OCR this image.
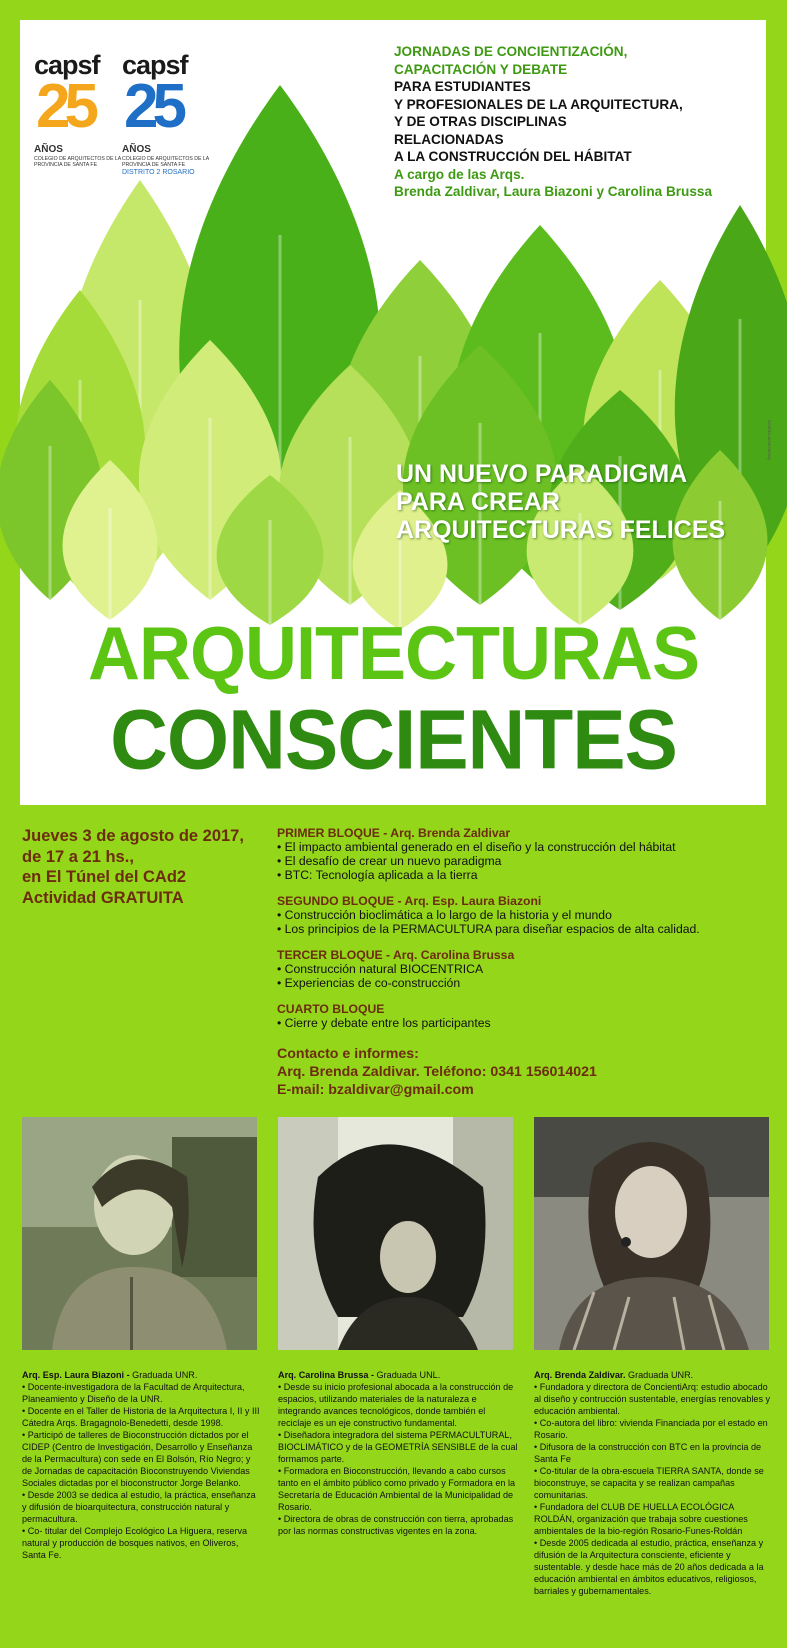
capsf
25
AÑOS
COLEGIO DE ARQUITECTOS DE LA PROVINCIA DE SANTA FE
capsf
25
AÑOS
COLEGIO DE ARQUITECTOS DE LA PROVINCIA DE SANTA FE
DISTRITO 2 ROSARIO
DISEÑO ARMIYARAQ
JORNADAS DE CONCIENTIZACIÓN,
CAPACITACIÓN Y DEBATE
PARA ESTUDIANTES
Y PROFESIONALES DE LA ARQUITECTURA,
Y DE OTRAS DISCIPLINAS
RELACIONADAS
A LA CONSTRUCCIÓN DEL HÁBITAT
A cargo de las Arqs.
Brenda Zaldivar, Laura Biazoni y Carolina Brussa
UN NUEVO PARADIGMA
PARA CREAR
ARQUITECTURAS FELICES
ARQUITECTURAS
CONSCIENTES
Jueves 3 de agosto de 2017,
de 17 a 21 hs.,
en El Túnel del CAd2
Actividad GRATUITA
PRIMER BLOQUE - Arq. Brenda Zaldivar
• El impacto ambiental generado en el diseño y la construcción del hábitat
• El desafío de crear un nuevo paradigma
• BTC: Tecnología aplicada a la tierra
SEGUNDO BLOQUE - Arq. Esp. Laura Biazoni
• Construcción bioclimática a lo largo de la historia y el mundo
• Los principios de la PERMACULTURA para diseñar espacios de alta calidad.
TERCER BLOQUE - Arq. Carolina Brussa
• Construcción natural BIOCENTRICA
• Experiencias de co-construcción
CUARTO BLOQUE
• Cierre y debate entre los participantes
Contacto e informes:
Arq. Brenda Zaldivar. Teléfono: 0341 156014021
E-mail: bzaldivar@gmail.com

Arq. Esp. Laura Biazoni - Graduada UNR.

• Docente-investigadora de la Facultad de Arquitectura, Planeamiento y Diseño de la UNR.

• Docente en el Taller de Historia de la Arquitectura I, II y III Cátedra Arqs. Bragagnolo-Benedetti, desde 1998.

• Participó de talleres de Bioconstrucción dictados por el CIDEP (Centro de Investigación, Desarrollo y Enseñanza de la Permacultura) con sede en El Bolsón, Río Negro; y de Jornadas de capacitación Bioconstruyendo Viviendas Sociales dictadas por el bioconstructor Jorge Belanko.

• Desde 2003 se dedica al estudio, la práctica, enseñanza y difusión de bioarquitectura, construcción natural y permacultura.

• Co- titular del Complejo Ecológico La Higuera, reserva natural y producción de bosques nativos, en Oliveros, Santa Fe.

Arq. Carolina Brussa - Graduada UNL.

• Desde su inicio profesional abocada a la construcción de espacios, utilizando materiales de la naturaleza e integrando avances tecnológicos, donde también el reciclaje es un eje constructivo fundamental.

• Diseñadora integradora del sistema PERMACULTURAL, BIOCLIMÁTICO y de la GEOMETRÍA SENSIBLE de la cual formamos parte.

• Formadora en Bioconstrucción, llevando a cabo cursos tanto en el ámbito público como privado y Formadora en la Secretaría de Educación Ambiental de la Municipalidad de Rosario.

• Directora de obras de construcción con tierra, aprobadas por las normas constructivas vigentes en la zona.

Arq. Brenda Zaldivar. Graduada UNR.

• Fundadora y directora de ConcientiArq: estudio abocado al diseño y contrucción sustentable, energías renovables y educación ambiental.

• Co-autora del libro: vivienda Financiada por el estado en Rosario.

• Difusora de la construcción con BTC en la provincia de Santa Fe

• Co-titular de la obra-escuela TIERRA SANTA, donde se bioconstruye, se capacita y se realizan campañas comunitarias.

• Fundadora del CLUB DE HUELLA ECOLÓGICA ROLDÁN, organización que trabaja sobre cuestiones ambientales de la bio-región Rosario-Funes-Roldán

• Desde 2005 dedicada al estudio, práctica, enseñanza y difusión de la Arquitectura consciente, eficiente y sustentable. y desde hace más de 20 años dedicada a la educación ambiental en ámbitos educativos, religiosos, barriales y gubernamentales.
